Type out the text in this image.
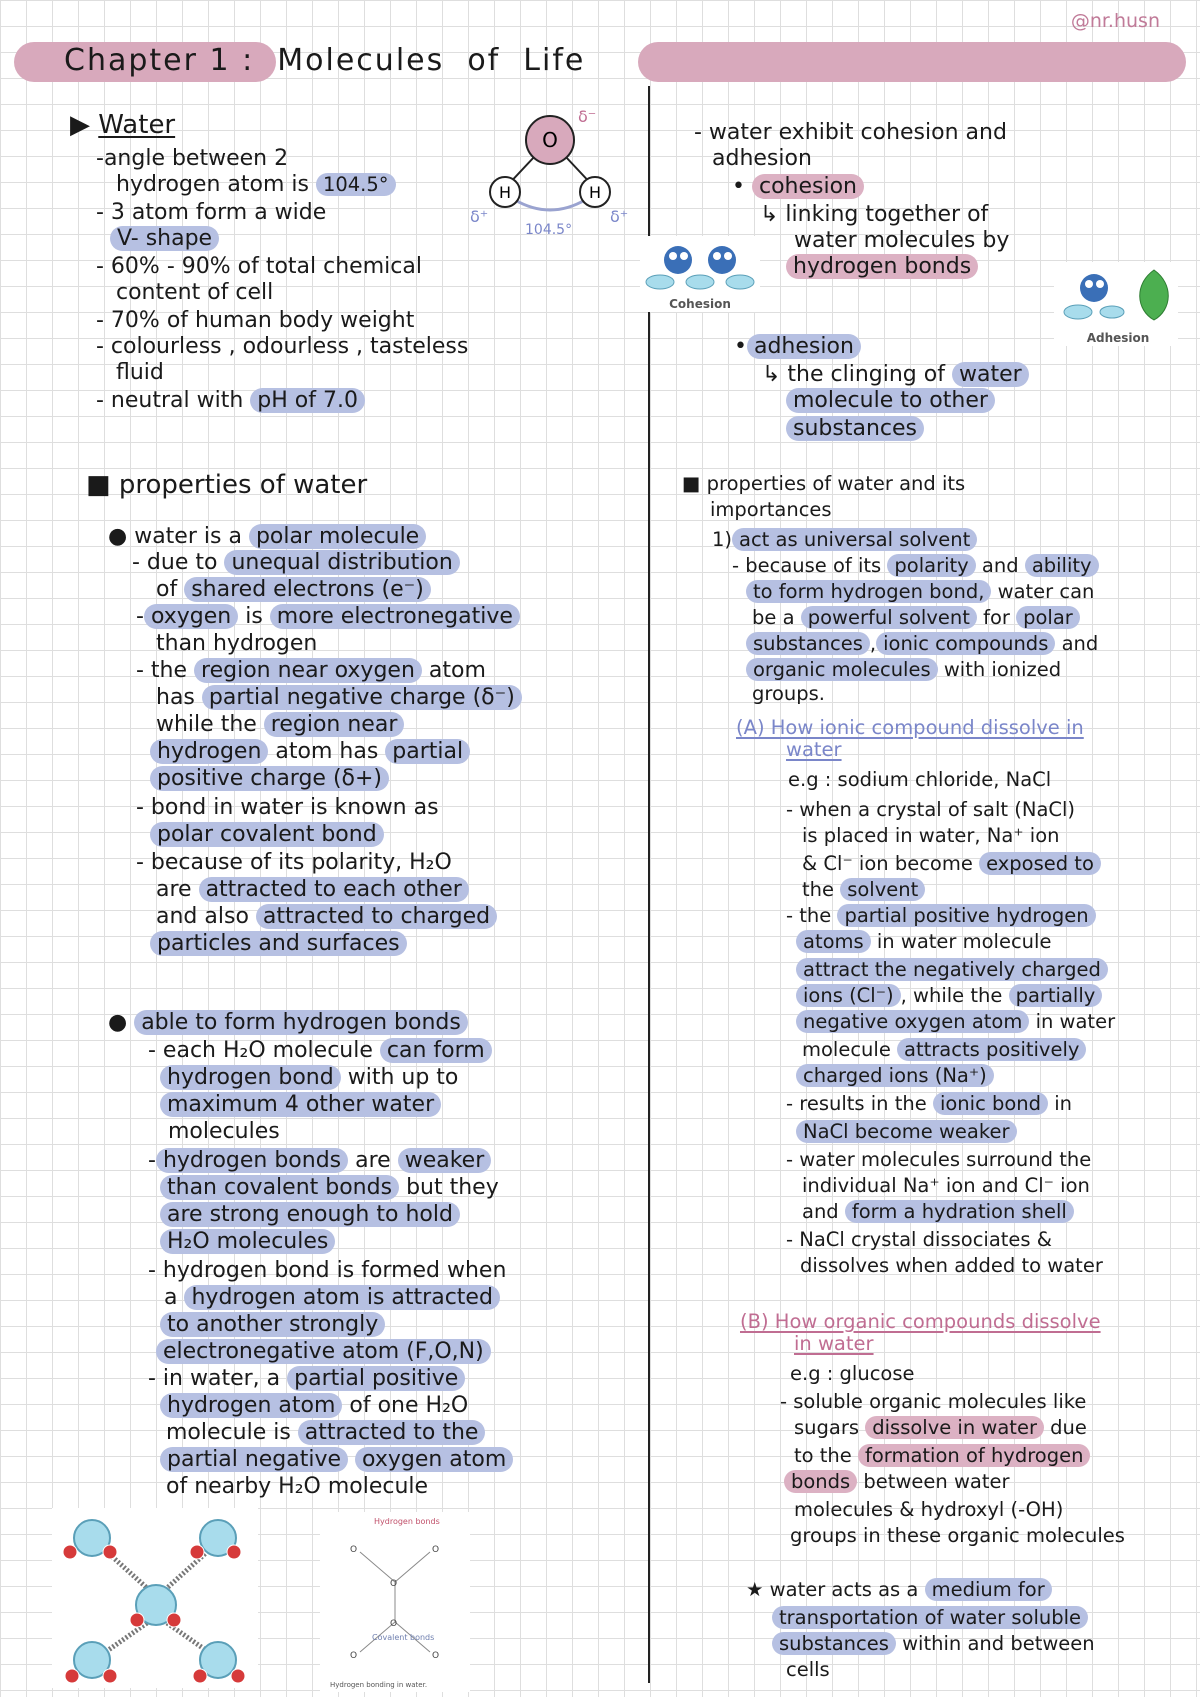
@nr.husn
Chapter 1 :  Molecules  of  Life
▶ Water
-angle between 2
hydrogen atom is 104.5°
- 3 atom form a wide
V- shape
- 60% - 90% of total chemical
content of cell
- 70% of human body weight
- colourless , odourless , tasteless
fluid
- neutral with pH of 7.0
O
H	H
δ⁻
δ⁺	δ⁺
104.5°
■ properties of water
● water is a polar molecule
- due to unequal distribution
of shared electrons (e⁻)
- oxygen is more electronegative
than hydrogen
- the region near oxygen atom
has partial negative charge (δ⁻)
while the region near
hydrogen atom has partial
positive charge (δ+)
- bond in water is known as
polar covalent bond
- because of its polarity, H₂O
are attracted to each other
and also attracted to charged
particles and surfaces
● able to form hydrogen bonds
- each H₂O molecule can form
hydrogen bond with up to
maximum 4 other water
molecules
- hydrogen bonds are weaker
than covalent bonds but they
are strong enough to hold
H₂O molecules
- hydrogen bond is formed when
a hydrogen atom is attracted
to another strongly
electronegative atom (F,O,N)
- in water, a partial positive
hydrogen atom of one H₂O
molecule is attracted to the
partial negative oxygen atom
of nearby H₂O molecule
O
O
O	O
O	O
Hydrogen bonds
Covalent bonds
Hydrogen bonding in water.
- water exhibit cohesion and
adhesion
• cohesion
↳ linking together of
water molecules by
hydrogen bonds
Cohesion
Adhesion
• adhesion
↳ the clinging of water
molecule to other
substances
■ properties of water and its
importances
1) act as universal solvent
- because of its polarity and ability
to form hydrogen bond, water can
be a powerful solvent for polar
substances , ionic compounds and
organic molecules with ionized
groups.
(A) How ionic compound dissolve in
water
e.g : sodium chloride, NaCl
- when a crystal of salt (NaCl)
is placed in water, Na⁺ ion
& Cl⁻ ion become exposed to
the solvent
- the partial positive hydrogen
atoms in water molecule
attract the negatively charged
ions (Cl⁻) , while the partially
negative oxygen atom in water
molecule attracts positively
charged ions (Na⁺)
- results in the ionic bond in
NaCl become weaker
- water molecules surround the
individual Na⁺ ion and Cl⁻ ion
and form a hydration shell
- NaCl crystal dissociates &
dissolves when added to water
(B) How organic compounds dissolve
in water
e.g : glucose
- soluble organic molecules like
sugars dissolve in water due
to the formation of hydrogen
bonds between water
molecules & hydroxyl (-OH)
groups in these organic molecules
★ water acts as a medium for
transportation of water soluble
substances within and between
cells
